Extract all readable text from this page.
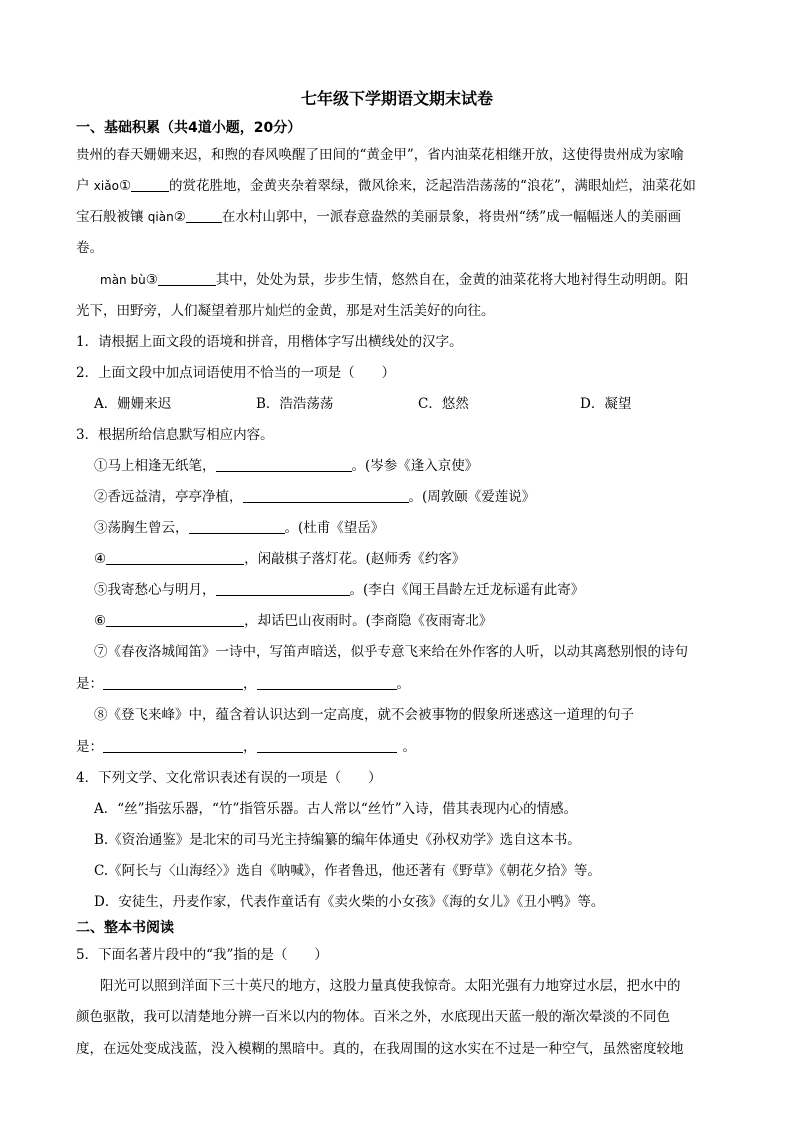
七年级下学期语文期末试卷
一、基础积累（共4道小题，20分）
贵州的春天姗姗来迟，和煦的春风唤醒了田间的“黄金甲”，省内油菜花相继开放，这使得贵州成为家喻
户 xiǎo①	的赏花胜地，金黄夹杂着翠绿，微风徐来，泛起浩浩荡荡的“浪花”，满眼灿烂，油菜花如
宝石般被镶 qiàn②	在水村山郭中，一派春意盎然的美丽景象，将贵州“绣”成一幅幅迷人的美丽画
卷。
màn bù③	其中，处处为景，步步生情，悠然自在，金黄的油菜花将大地衬得生动明朗。阳
光下，田野旁，人们凝望着那片灿烂的金黄，那是对生活美好的向往。
1．请根据上面文段的语境和拼音，用楷体字写出横线处的汉字。
2．上面文段中加点词语使用不恰当的一项是（　　）
A．姗姗来迟	B．浩浩荡荡	C．悠然	D．凝望
3．根据所给信息默写相应内容。
①马上相逢无纸笔，	。(岑参《逢入京使》
②香远益清，亭亭净植，	。(周敦颐《爱莲说》
③荡胸生曾云，	。(杜甫《望岳》
④	，闲敲棋子落灯花。(赵师秀《约客》
⑤我寄愁心与明月，	。(李白《闻王昌龄左迁龙标遥有此寄》
⑥	，却话巴山夜雨时。(李商隐《夜雨寄北》
⑦《春夜洛城闻笛》一诗中，写笛声暗送，似乎专意飞来给在外作客的人听，以动其离愁别恨的诗句
是：	，	。
⑧《登飞来峰》中，蕴含着认识达到一定高度，就不会被事物的假象所迷惑这一道理的句子
是：	，	。
4．下列文学、文化常识表述有误的一项是（　　）
A．“丝”指弦乐器，“竹”指管乐器。古人常以“丝竹”入诗，借其表现内心的情感。
B.《资治通鉴》是北宋的司马光主持编纂的编年体通史《孙权劝学》选自这本书。
C.《阿长与〈山海经〉》选自《呐喊》，作者鲁迅，他还著有《野草》《朝花夕拾》等。
D．安徒生，丹麦作家，代表作童话有《卖火柴的小女孩》《海的女儿》《丑小鸭》等。
二、整本书阅读
5．下面名著片段中的“我”指的是（　　）
阳光可以照到洋面下三十英尺的地方，这股力量真使我惊奇。太阳光强有力地穿过水层，把水中的
颜色驱散，我可以清楚地分辨一百米以内的物体。百米之外，水底现出天蓝一般的渐次晕淡的不同色
度，在远处变成浅蓝，没入模糊的黑暗中。真的，在我周围的这水实在不过是一种空气，虽然密度较地
